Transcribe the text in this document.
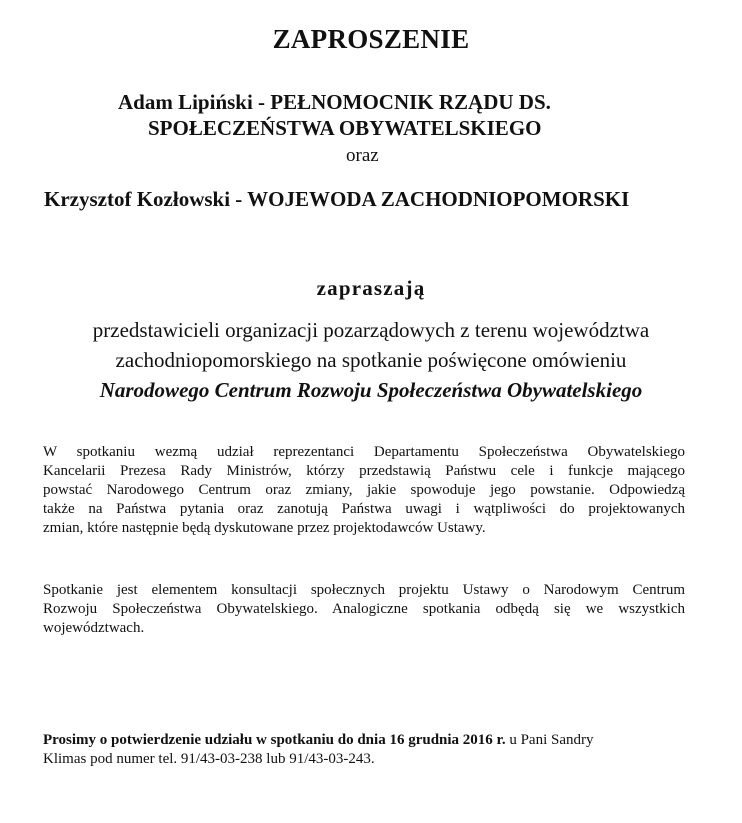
ZAPROSZENIE
Adam Lipiński - PEŁNOMOCNIK RZĄDU DS.
SPOŁECZEŃSTWA OBYWATELSKIEGO
oraz
Krzysztof Kozłowski - WOJEWODA ZACHODNIOPOMORSKI
zapraszają
przedstawicieli organizacji pozarządowych z terenu województwa
zachodniopomorskiego na spotkanie poświęcone omówieniu
Narodowego Centrum Rozwoju Społeczeństwa Obywatelskiego
W spotkaniu wezmą udział reprezentanci Departamentu Społeczeństwa Obywatelskiego
Kancelarii Prezesa Rady Ministrów, którzy przedstawią Państwu cele i funkcje mającego
powstać Narodowego Centrum oraz zmiany, jakie spowoduje jego powstanie. Odpowiedzą
także na Państwa pytania oraz zanotują Państwa uwagi i wątpliwości do projektowanych
zmian, które następnie będą dyskutowane przez projektodawców Ustawy.
Spotkanie jest elementem konsultacji społecznych projektu Ustawy o Narodowym Centrum
Rozwoju Społeczeństwa Obywatelskiego. Analogiczne spotkania odbędą się we wszystkich
województwach.
Prosimy o potwierdzenie udziału w spotkaniu do dnia 16 grudnia 2016 r. u Pani Sandry
Klimas pod numer tel. 91/43-03-238 lub 91/43-03-243.
